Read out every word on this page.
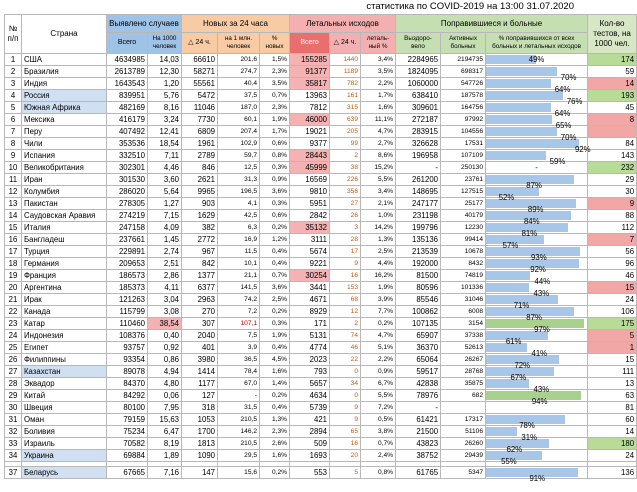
статистика по COVID-2019 на 13:00 31.07.2020
№ п/п	Страна	Выявлено случаев		Новых за 24 часа			Летальных исходов			Поправившиеся и больные			Кол-во тестов, на 1000 чел.
		Всего	На 1000 человек	△ 24 ч.	на 1 млн. человек	% новых	Всего	△ 24 ч.	леталь-ный %	Выздоро-вело	Активных больных	% поправившихся от всех больных и летальных исходов	
1	США	4634985	14,03	66610	201,6	1,5%	155285	1440	3,4%	2284965	2194735	49%	174
2	Бразилия	2613789	12,30	58271	274,7	2,3%	91377	1189	3,5%	1824095	698317	70%	59
3	Индия	1643543	1,20	55561	40,4	3,5%	35817	782	2,2%	1060000	547726	64%	14
4	Россия	839951	5,76	5472	37,5	0,7%	13963	161	1,7%	638410	187578	76%	193
5	Южная Африка	482169	8,16	11046	187,0	2,3%	7812	315	1,6%	309601	164756	64%	45
6	Мексика	416179	3,24	7730	60,1	1,9%	46000	639	11,1%	272187	97992	65%	8
7	Перу	407492	12,41	6809	207,4	1,7%	19021	205	4,7%	283915	104556	70%	

8	Чили	353536	18,54	1961	102,9	0,6%	9377	99	2,7%	326628	17531	92%	84
9	Испания	332510	7,11	2789	59,7	0,8%	28443	2	8,6%	196958	107109	59%	143
10	Великобритания	302301	4,46	846	12,5	0,3%	45999	38	15,2%	-	250130	-	232
11	Иран	301530	3,60	2621	31,3	0,9%	16569	226	5,5%	261200	23761	87%	29
12	Колумбия	286020	5,64	9965	196,5	3,6%	9810	356	3,4%	148695	127515	52%	30
13	Пакистан	278305	1,27	903	4,1	0,3%	5951	27	2,1%	247177	25177	89%	9
14	Саудовская Аравия	274219	7,15	1629	42,5	0,6%	2842	26	1,0%	231198	40179	84%	88
15	Италия	247158	4,09	382	6,3	0,2%	35132	3	14,2%	199796	12230	81%	112
16	Бангладеш	237661	1,45	2772	16,9	1,2%	3111	28	1,3%	135136	99414	57%	7
17	Турция	229891	2,74	967	11,5	0,4%	5674	17	2,5%	213539	10678	93%	56
18	Германия	209653	2,51	842	10,1	0,4%	9221	9	4,4%	192000	8432	92%	96
19	Франция	186573	2,86	1377	21,1	0,7%	30254	16	16,2%	81500	74819	44%	46
20	Аргентина	185373	4,11	6377	141,5	3,6%	3441	153	1,9%	80596	101336	43%	15
21	Ирак	121263	3,04	2963	74,2	2,5%	4671	68	3,9%	85546	31046	71%	24
22	Канада	115799	3,08	270	7,2	0,2%	8929	12	7,7%	100862	6008	87%	106
23	Катар	110460	38,54	307	107,1	0,3%	171	2	0,2%	107135	3154	97%	175
24	Индонезия	108376	0,40	2040	7,5	1,9%	5131	74	4,7%	65907	37338	61%	5
25	Египет	93757	0,92	401	3,9	0,4%	4774	46	5,1%	36370	52613	41%	1
26	Филиппины	93354	0,86	3980	36,5	4,5%	2023	22	2,2%	65064	26267	72%	15
27	Казахстан	89078	4,94	1414	78,4	1,6%	793	0	0,9%	59517	28768	67%	111
28	Эквадор	84370	4,80	1177	67,0	1,4%	5657	34	6,7%	42838	35875	43%	13
29	Китай	84292	0,06	127	-	0,2%	4634	0	5,5%	78976	682	94%	63
30	Швеция	80100	7,95	318	31,5	0,4%	5739	9	7,2%	-			81
31	Оман	79159	15,63	1053	210,5	1,3%	421	9	0,5%	61421	17317	78%	60
32	Боливия	75234	6,47	1700	146,2	2,3%	2894	65	3,8%	21500	51106	31%	14
33	Израиль	70582	8,19	1813	210,5	2,6%	509	16	0,7%	43823	26260	62%	180
34	Украина	69884	1,89	1090	29,5	1,6%	1693	20	2,4%	38752	29439	55%	24

37	Беларусь	67665	7,16	147	15,6	0,2%	553	5	0,8%	61765	5347	91%	136
